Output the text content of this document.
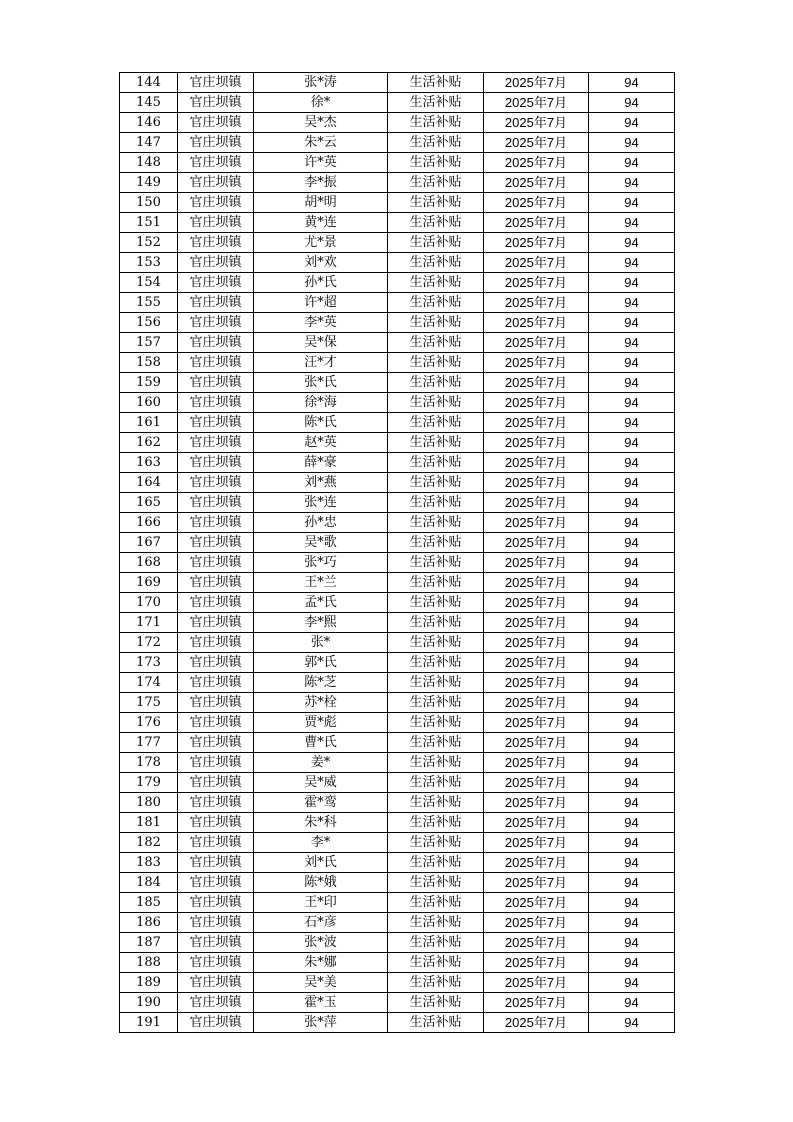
144	官庄坝镇	张*涛	生活补贴	2025年7月	94
145	官庄坝镇	徐*	生活补贴	2025年7月	94
146	官庄坝镇	吴*杰	生活补贴	2025年7月	94
147	官庄坝镇	朱*云	生活补贴	2025年7月	94
148	官庄坝镇	许*英	生活补贴	2025年7月	94
149	官庄坝镇	李*振	生活补贴	2025年7月	94
150	官庄坝镇	胡*明	生活补贴	2025年7月	94
151	官庄坝镇	黄*连	生活补贴	2025年7月	94
152	官庄坝镇	尤*景	生活补贴	2025年7月	94
153	官庄坝镇	刘*欢	生活补贴	2025年7月	94
154	官庄坝镇	孙*氏	生活补贴	2025年7月	94
155	官庄坝镇	许*超	生活补贴	2025年7月	94
156	官庄坝镇	李*英	生活补贴	2025年7月	94
157	官庄坝镇	吴*保	生活补贴	2025年7月	94
158	官庄坝镇	汪*才	生活补贴	2025年7月	94
159	官庄坝镇	张*氏	生活补贴	2025年7月	94
160	官庄坝镇	徐*海	生活补贴	2025年7月	94
161	官庄坝镇	陈*氏	生活补贴	2025年7月	94
162	官庄坝镇	赵*英	生活补贴	2025年7月	94
163	官庄坝镇	薛*豪	生活补贴	2025年7月	94
164	官庄坝镇	刘*燕	生活补贴	2025年7月	94
165	官庄坝镇	张*连	生活补贴	2025年7月	94
166	官庄坝镇	孙*忠	生活补贴	2025年7月	94
167	官庄坝镇	吴*歌	生活补贴	2025年7月	94
168	官庄坝镇	张*巧	生活补贴	2025年7月	94
169	官庄坝镇	王*兰	生活补贴	2025年7月	94
170	官庄坝镇	孟*氏	生活补贴	2025年7月	94
171	官庄坝镇	李*熙	生活补贴	2025年7月	94
172	官庄坝镇	张*	生活补贴	2025年7月	94
173	官庄坝镇	郭*氏	生活补贴	2025年7月	94
174	官庄坝镇	陈*芝	生活补贴	2025年7月	94
175	官庄坝镇	苏*栓	生活补贴	2025年7月	94
176	官庄坝镇	贾*彪	生活补贴	2025年7月	94
177	官庄坝镇	曹*氏	生活补贴	2025年7月	94
178	官庄坝镇	姜*	生活补贴	2025年7月	94
179	官庄坝镇	吴*威	生活补贴	2025年7月	94
180	官庄坝镇	霍*鸾	生活补贴	2025年7月	94
181	官庄坝镇	朱*科	生活补贴	2025年7月	94
182	官庄坝镇	李*	生活补贴	2025年7月	94
183	官庄坝镇	刘*氏	生活补贴	2025年7月	94
184	官庄坝镇	陈*娥	生活补贴	2025年7月	94
185	官庄坝镇	王*印	生活补贴	2025年7月	94
186	官庄坝镇	石*彦	生活补贴	2025年7月	94
187	官庄坝镇	张*波	生活补贴	2025年7月	94
188	官庄坝镇	朱*娜	生活补贴	2025年7月	94
189	官庄坝镇	吴*美	生活补贴	2025年7月	94
190	官庄坝镇	霍*玉	生活补贴	2025年7月	94
191	官庄坝镇	张*萍	生活补贴	2025年7月	94
